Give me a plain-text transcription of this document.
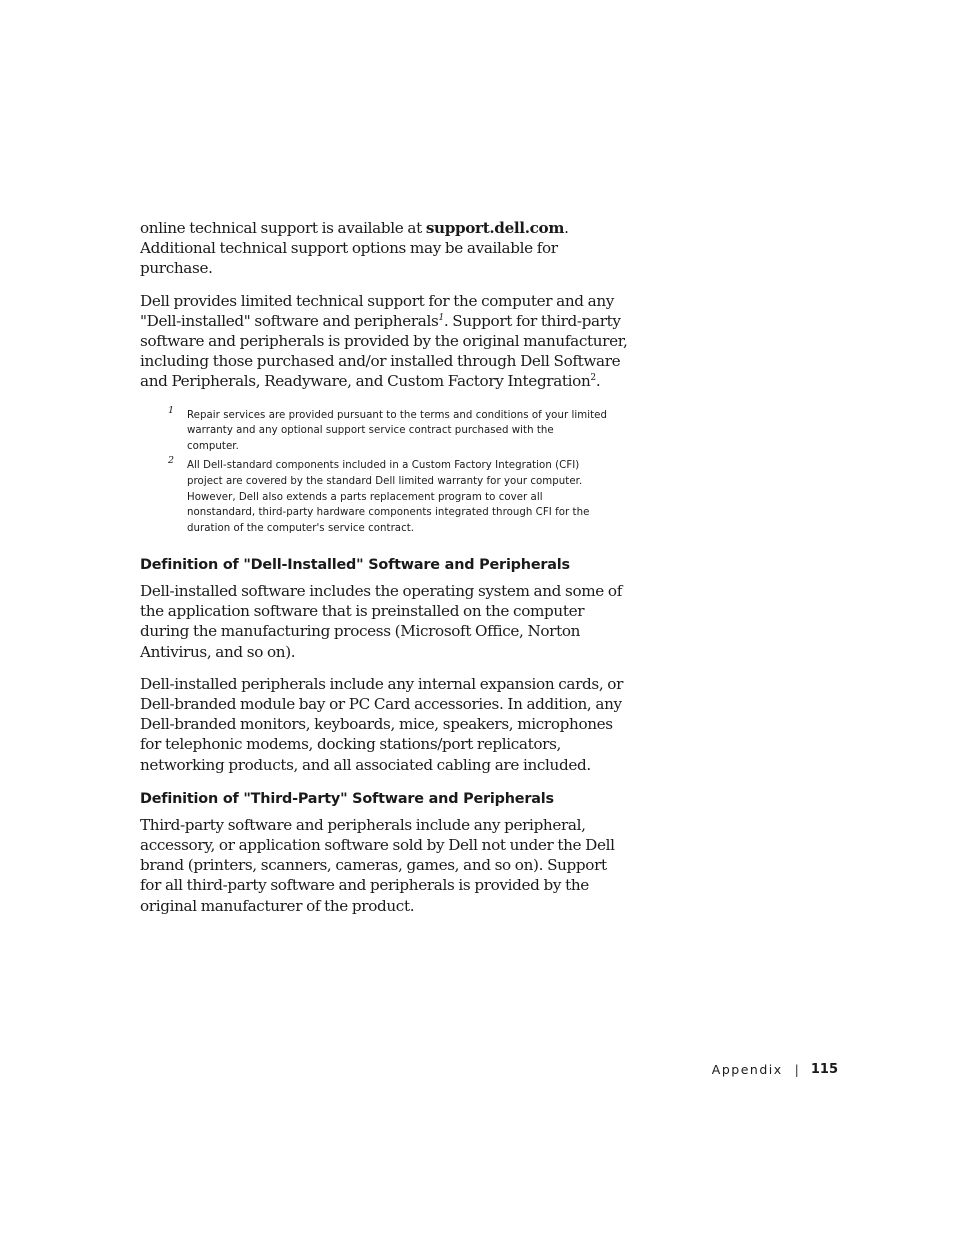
online technical support is available at support.dell.com. Additional technical support options may be available for purchase.

Dell provides limited technical support for the computer and any "Dell-installed" software and peripherals$^1$. Support for third-party software and peripherals is provided by the original manufacturer, including those purchased and/or installed through Dell Software and Peripherals, Readyware, and Custom Factory Integration$^2$.

1 Repair services are provided pursuant to the terms and conditions of your limited warranty and any optional support service contract purchased with the computer.
2 All Dell-standard components included in a Custom Factory Integration (CFI) project are covered by the standard Dell limited warranty for your computer. However, Dell also extends a parts replacement program to cover all nonstandard, third-party hardware components integrated through CFI for the duration of the computer's service contract.
Definition of "Dell-Installed" Software and Peripherals

Dell-installed software includes the operating system and some of the application software that is preinstalled on the computer during the manufacturing process (Microsoft Office, Norton Antivirus, and so on).

Dell-installed peripherals include any internal expansion cards, or Dell-branded module bay or PC Card accessories. In addition, any Dell-branded monitors, keyboards, mice, speakers, microphones for telephonic modems, docking stations/port replicators, networking products, and all associated cabling are included.

Definition of "Third-Party" Software and Peripherals

Third-party software and peripherals include any peripheral, accessory, or application software sold by Dell not under the Dell brand (printers, scanners, cameras, games, and so on). Support for all third-party software and peripherals is provided by the original manufacturer of the product.

Appendix | 115
